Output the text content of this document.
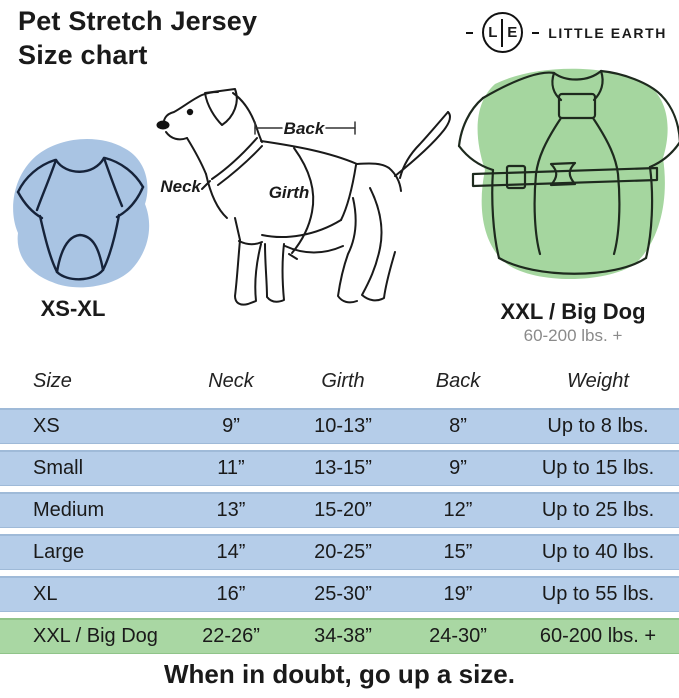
Pet Stretch Jersey
Size chart
L E LITTLE EARTH
XS-XL
Back
Neck	Girth
XXL / Big Dog
60-200 lbs. +
Size	Neck	Girth	Back	Weight
XS	9”	10-13”	8”	Up to 8 lbs.
Small	11”	13-15”	9”	Up to 15 lbs.
Medium	13”	15-20”	12”	Up to 25 lbs.
Large	14”	20-25”	15”	Up to 40 lbs.
XL	16”	25-30”	19”	Up to 55 lbs.
XXL / Big Dog	22-26”	34-38”	24-30”	60-200 lbs. +
When in doubt, go up a size.
